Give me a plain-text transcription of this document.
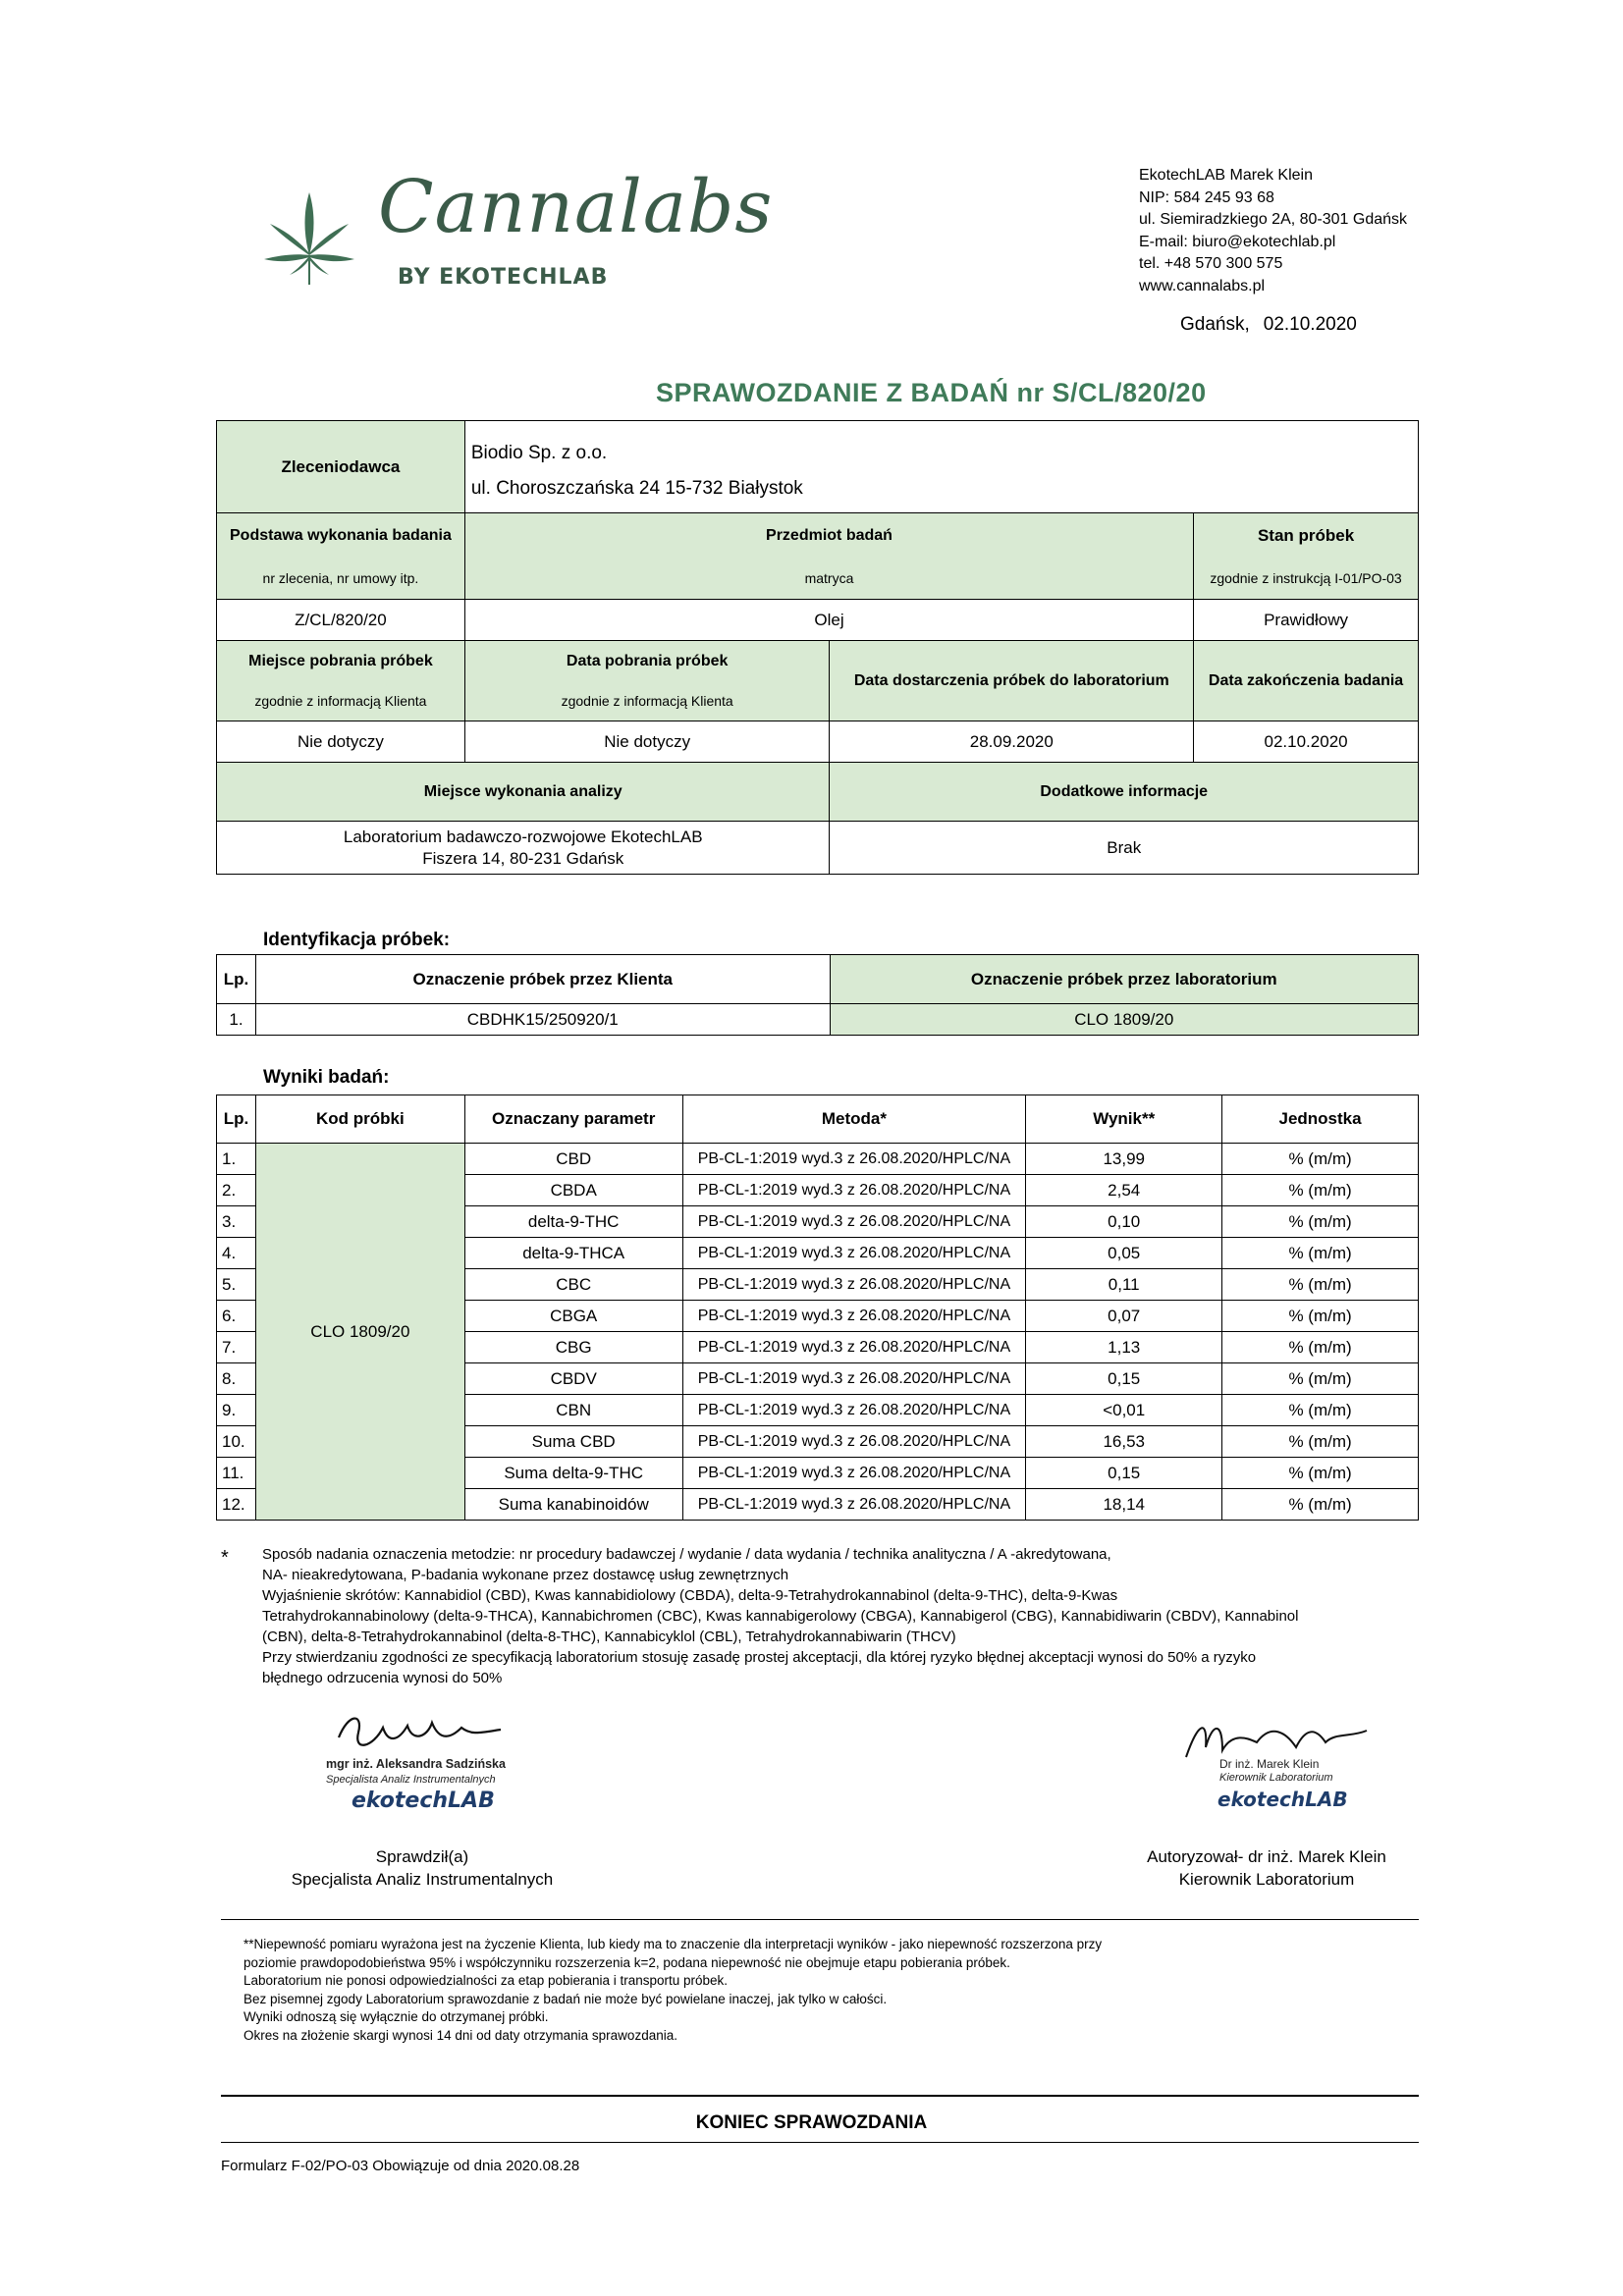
Cannalabs
BY EKOTECHLAB
EkotechLAB Marek Klein
NIP: 584 245 93 68
ul. Siemiradzkiego 2A, 80-301 Gdańsk
E-mail: biuro@ekotechlab.pl
tel. +48 570 300 575
www.cannalabs.pl
Gdańsk, 02.10.2020
SPRAWOZDANIE Z BADAŃ nr S/CL/820/20
Zleceniodawca	Biodio Sp. z o.o.		
	ul. Choroszczańska 24 15-732 Białystok		
Podstawa wykonania badania	Przedmiot badań		Stan próbek
nr zlecenia, nr umowy itp.	matryca		zgodnie z instrukcją I-01/PO-03
Z/CL/820/20	Olej		Prawidłowy
Miejsce pobrania próbek	Data pobrania próbek	Data dostarczenia próbek do laboratorium	Data zakończenia badania
zgodnie z informacją Klienta	zgodnie z informacją Klienta		
Nie dotyczy	Nie dotyczy	28.09.2020	02.10.2020
Miejsce wykonania analizy		Dodatkowe informacje	

Laboratorium badawczo-rozwojowe EkotechLAB
Fiszera 14, 80-231 Gdańsk		Brak	
Identyfikacja próbek:
Lp.	Oznaczenie próbek przez Klienta	Oznaczenie próbek przez laboratorium
1.	CBDHK15/250920/1	CLO 1809/20
Wyniki badań:
Lp.	Kod próbki	Oznaczany parametr	Metoda*	Wynik**	Jednostka
1.	CLO 1809/20	CBD	PB-CL-1:2019 wyd.3 z 26.08.2020/HPLC/NA	13,99	% (m/m)
2.		CBDA	PB-CL-1:2019 wyd.3 z 26.08.2020/HPLC/NA	2,54	% (m/m)
3.		delta-9-THC	PB-CL-1:2019 wyd.3 z 26.08.2020/HPLC/NA	0,10	% (m/m)
4.		delta-9-THCA	PB-CL-1:2019 wyd.3 z 26.08.2020/HPLC/NA	0,05	% (m/m)
5.		CBC	PB-CL-1:2019 wyd.3 z 26.08.2020/HPLC/NA	0,11	% (m/m)
6.		CBGA	PB-CL-1:2019 wyd.3 z 26.08.2020/HPLC/NA	0,07	% (m/m)
7.		CBG	PB-CL-1:2019 wyd.3 z 26.08.2020/HPLC/NA	1,13	% (m/m)
8.		CBDV	PB-CL-1:2019 wyd.3 z 26.08.2020/HPLC/NA	0,15	% (m/m)
9.		CBN	PB-CL-1:2019 wyd.3 z 26.08.2020/HPLC/NA	<0,01	% (m/m)
10.		Suma CBD	PB-CL-1:2019 wyd.3 z 26.08.2020/HPLC/NA	16,53	% (m/m)
11.		Suma delta-9-THC	PB-CL-1:2019 wyd.3 z 26.08.2020/HPLC/NA	0,15	% (m/m)
12.		Suma kanabinoidów	PB-CL-1:2019 wyd.3 z 26.08.2020/HPLC/NA	18,14	% (m/m)
* Sposób nadania oznaczenia metodzie: nr procedury badawczej / wydanie / data wydania / technika analityczna / A -akredytowana,
NA- nieakredytowana, P-badania wykonane przez dostawcę usług zewnętrznych
Wyjaśnienie skrótów: Kannabidiol (CBD), Kwas kannabidiolowy (CBDA), delta-9-Tetrahydrokannabinol (delta-9-THC), delta-9-Kwas
Tetrahydrokannabinolowy (delta-9-THCA), Kannabichromen (CBC), Kwas kannabigerolowy (CBGA), Kannabigerol (CBG), Kannabidiwarin (CBDV), Kannabinol
(CBN), delta-8-Tetrahydrokannabinol (delta-8-THC), Kannabicyklol (CBL), Tetrahydrokannabiwarin (THCV)
Przy stwierdzaniu zgodności ze specyfikacją laboratorium stosuję zasadę prostej akceptacji, dla której ryzyko błędnej akceptacji wynosi do 50% a ryzyko
błędnego odrzucenia wynosi do 50%
mgr inż. Aleksandra Sadzińska
Specjalista Analiz Instrumentalnych
ekotechLAB
Sprawdził(a)
Specjalista Analiz Instrumentalnych
Dr inż. Marek Klein
Kierownik Laboratorium
ekotechLAB
Autoryzował- dr inż. Marek Klein
Kierownik Laboratorium
**Niepewność pomiaru wyrażona jest na życzenie Klienta, lub kiedy ma to znaczenie dla interpretacji wyników - jako niepewność rozszerzona przy
poziomie prawdopodobieństwa 95% i współczynniku rozszerzenia k=2, podana niepewność nie obejmuje etapu pobierania próbek.
Laboratorium nie ponosi odpowiedzialności za etap pobierania i transportu próbek.
Bez pisemnej zgody Laboratorium sprawozdanie z badań nie może być powielane inaczej, jak tylko w całości.
Wyniki odnoszą się wyłącznie do otrzymanej próbki.
Okres na złożenie skargi wynosi 14 dni od daty otrzymania sprawozdania.
KONIEC SPRAWOZDANIA
Formularz F-02/PO-03 Obowiązuje od dnia 2020.08.28
